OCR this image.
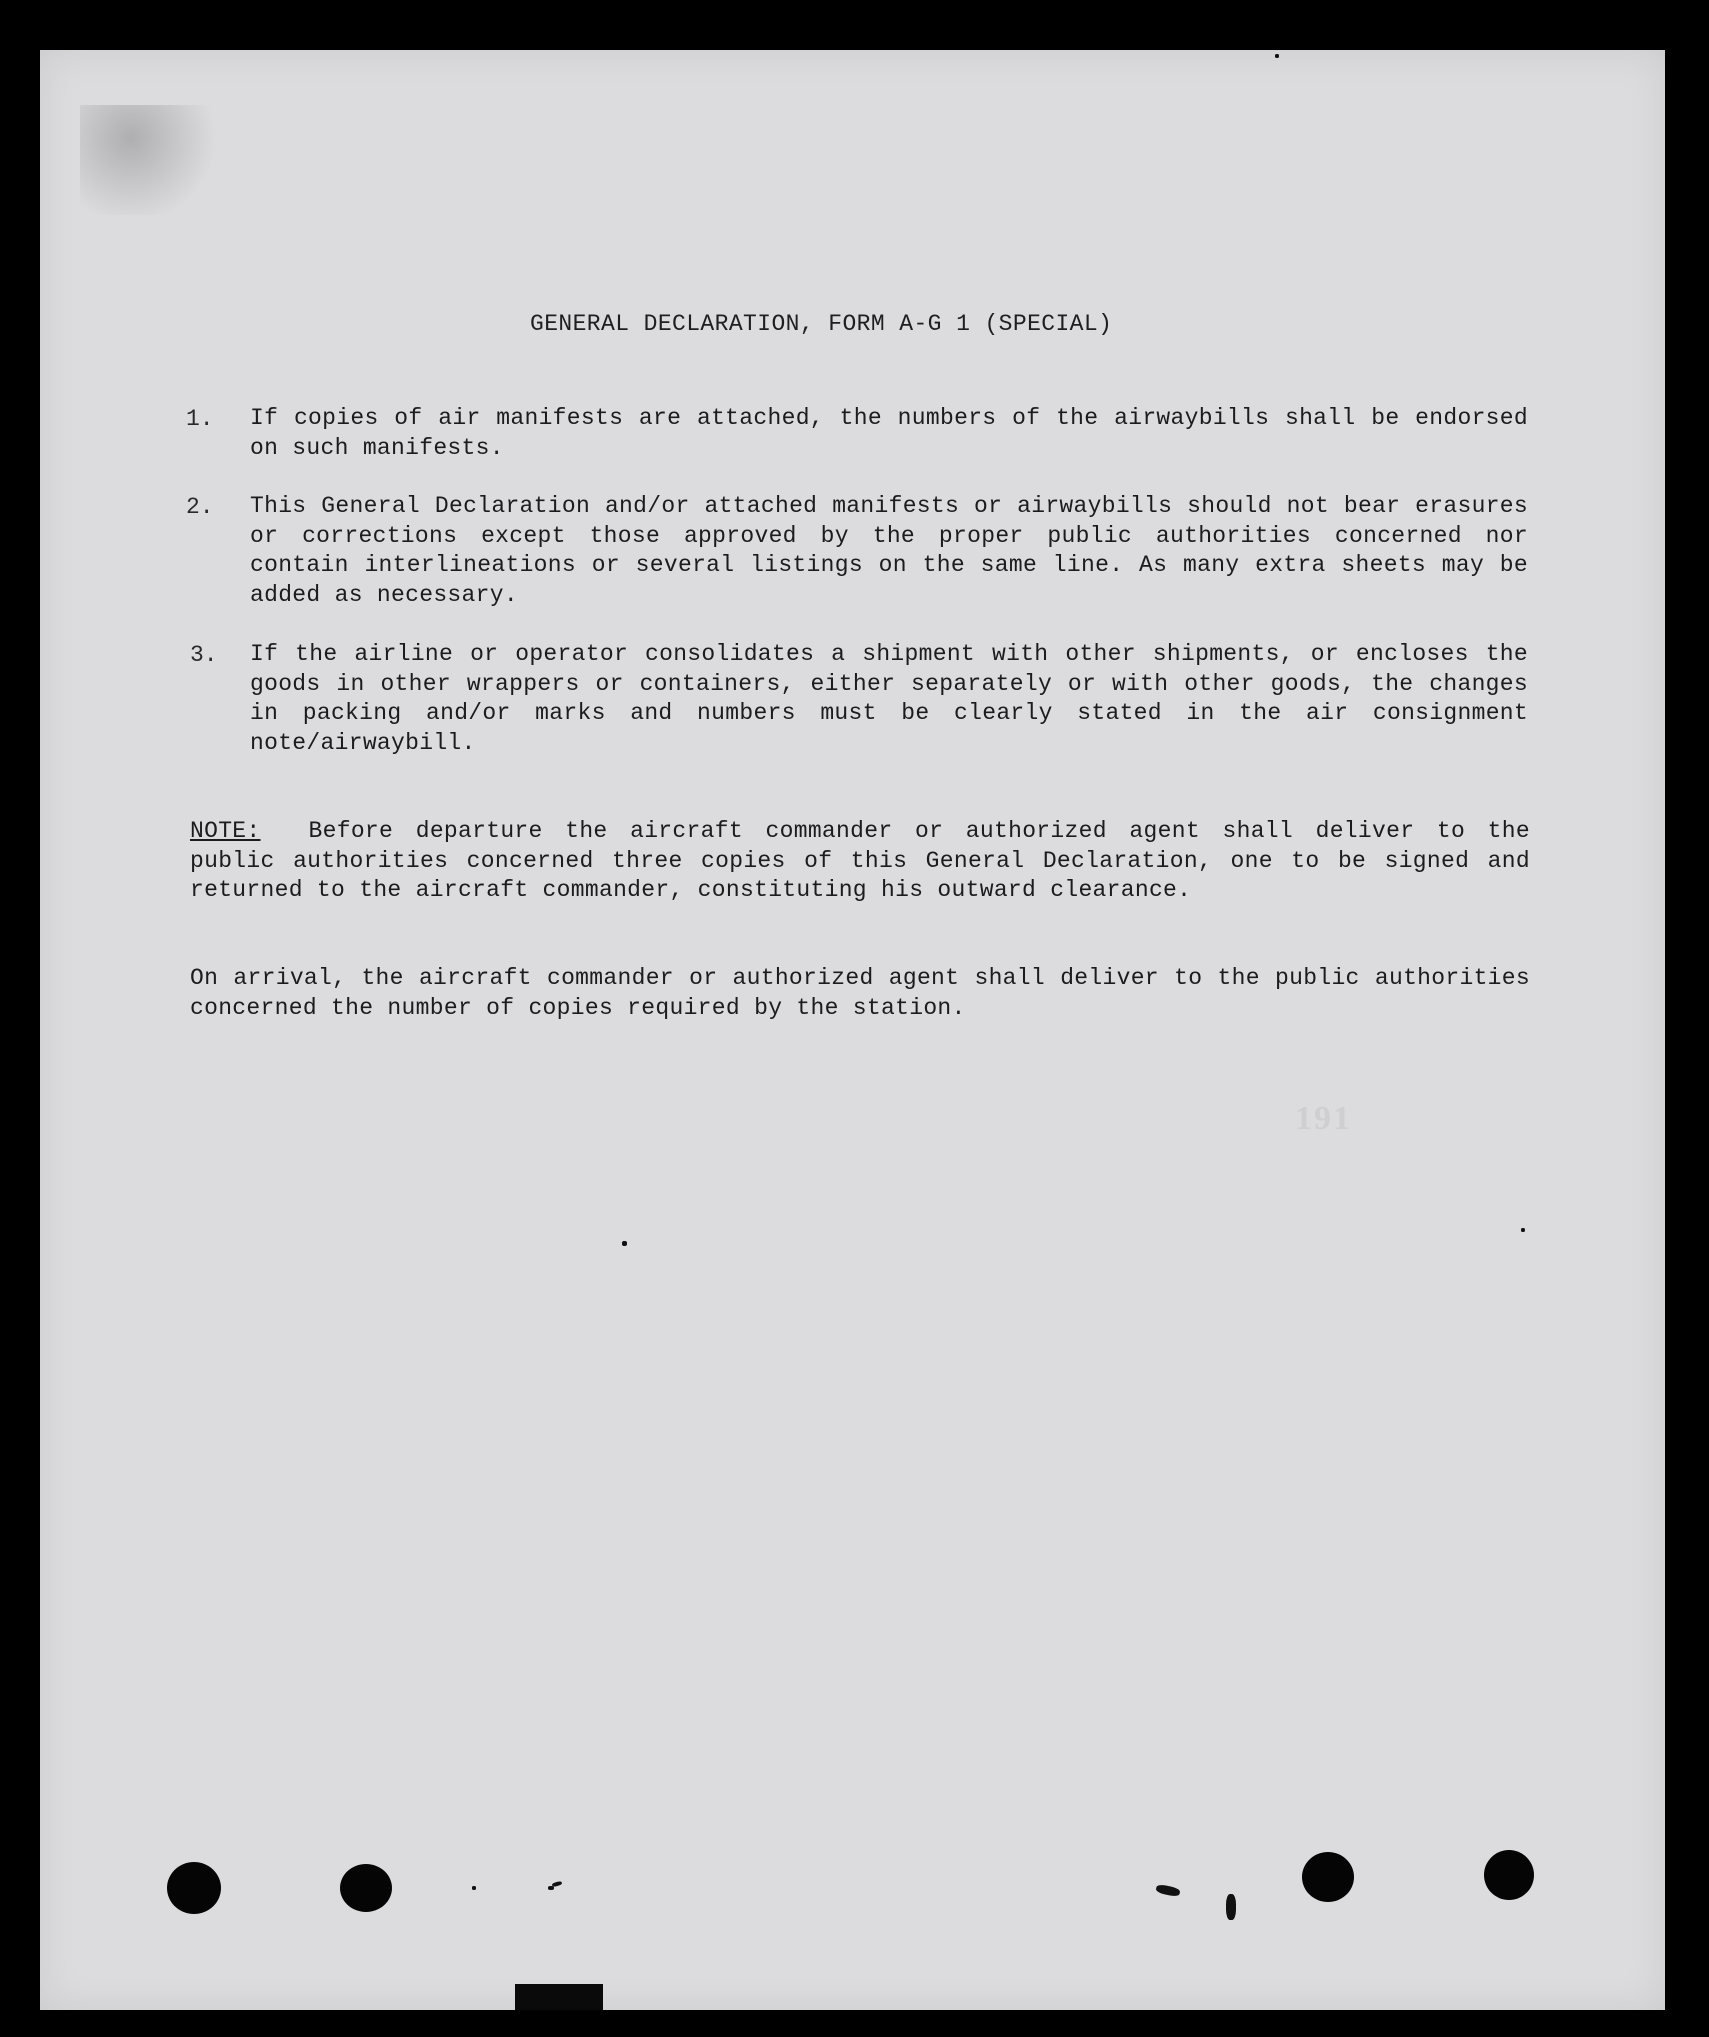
GENERAL DECLARATION, FORM A-G 1 (SPECIAL)
1. If copies of air manifests are attached, the numbers of the airwaybills shall be endorsed on such manifests.
2. This General Declaration and/or attached manifests or airwaybills should not bear erasures or corrections except those approved by the proper public authorities concerned nor contain interlineations or several listings on the same line. As many extra sheets may be added as necessary.
3. If the airline or operator consolidates a shipment with other shipments, or encloses the goods in other wrappers or containers, either separately or with other goods, the changes in packing and/or marks and numbers must be clearly stated in the air consignment note/airwaybill.
NOTE: Before departure the aircraft commander or authorized agent shall deliver to the public authorities concerned three copies of this General Declaration, one to be signed and returned to the aircraft commander, constituting his outward clearance.
On arrival, the aircraft commander or authorized agent shall deliver to the public authorities concerned the number of copies required by the station.
191
